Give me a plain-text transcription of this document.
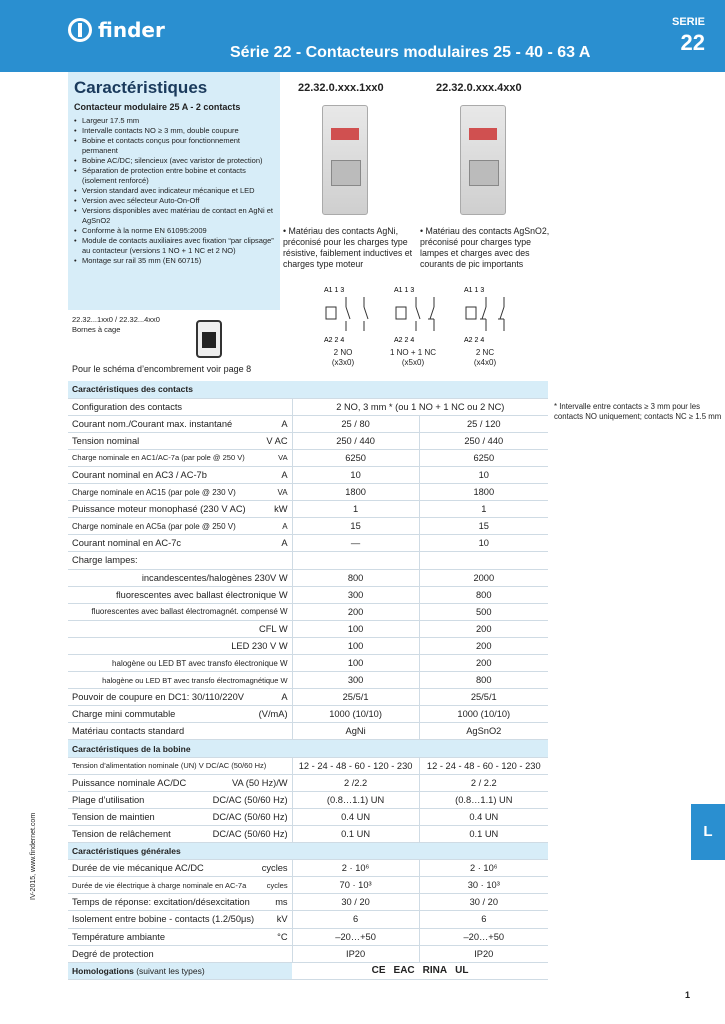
finder	SERIE
22
Série 22 - Contacteurs modulaires 25 - 40 - 63 A
Caractéristiques
Contacteur modulaire 25 A - 2 contacts
• Largeur 17.5 mm
• Intervalle contacts NO ≥ 3 mm, double coupure
• Bobine et contacts conçus pour fonctionnement permanent
• Bobine AC/DC; silencieux (avec varistor de protection)
• Séparation de protection entre bobine et contacts (isolement renforcé)
• Version standard avec indicateur mécanique et LED
• Version avec sélecteur Auto-On-Off
• Versions disponibles avec matériau de contact en AgNi et AgSnO2
• Conforme à la norme EN 61095:2009
• Module de contacts auxiliaires avec fixation “par clipsage” au contacteur (versions 1 NO + 1 NC et 2 NO)
• Montage sur rail 35 mm (EN 60715)
22.32...1xx0 / 22.32...4xx0
Bornes à cage
Pour le schéma d’encombrement voir page 8
22.32.0.xxx.1xx0	22.32.0.xxx.4xx0
• Matériau des contacts AgNi, préconisé pour les charges type résistive, faiblement inductives et charges type moteur
• Matériau des contacts AgSnO2, préconisé pour charges type lampes et charges avec des courants de pic importants
A1 1 3
A2 2 4
A1 1 3
A2 2 4
A1 1 3
A2 2 4
2 NO
(x3x0)
1 NO + 1 NC
(x5x0)
2 NC
(x4x0)
Caractéristiques des contacts		
Configuration des contacts	2 NO, 3 mm * (ou 1 NO + 1 NC ou 2 NC)	
Courant nom./Courant max. instantané A	25 / 80	25 / 120
Tension nominal V AC	250 / 440	250 / 440
Charge nominale en AC1/AC-7a (par pole @ 250 V) VA	6250	6250
Courant nominal en AC3 / AC-7b A	10	10
Charge nominale en AC15 (par pole @ 230 V) VA	1800	1800
Puissance moteur monophasé (230 V AC) kW	1	1
Charge nominale en AC5a (par pole @ 250 V) A	15	15
Courant nominal en AC-7c A	—	10
Charge lampes:		
incandescentes/halogènes 230V W	800	2000
fluorescentes avec ballast électronique W	300	800
fluorescentes avec ballast électromagnét. compensé W	200	500
CFL W	100	200
LED 230 V W	100	200
halogène ou LED BT avec transfo électronique W	100	200
halogène ou LED BT avec transfo électromagnétique W	300	800
Pouvoir de coupure en DC1: 30/110/220V A	25/5/1	25/5/1
Charge mini commutable (V/mA)	1000 (10/10)	1000 (10/10)
Matériau contacts standard	AgNi	AgSnO2
Caractéristiques de la bobine		
Tension d’alimentation nominale (UN) V DC/AC (50/60 Hz)	12 - 24 - 48 - 60 - 120 - 230	12 - 24 - 48 - 60 - 120 - 230
Puissance nominale AC/DC VA (50 Hz)/W	2 /2.2	2 / 2.2
Plage d’utilisation DC/AC (50/60 Hz)	(0.8…1.1) UN	(0.8…1.1) UN
Tension de maintien DC/AC (50/60 Hz)	0.4 UN	0.4 UN
Tension de relâchement DC/AC (50/60 Hz)	0.1 UN	0.1 UN
Caractéristiques générales		
Durée de vie mécanique AC/DC cycles	2 · 10⁶	2 · 10⁶
Durée de vie électrique à charge nominale en AC-7a cycles	70 · 10³	30 · 10³
Temps de réponse: excitation/désexcitation ms	30 / 20	30 / 20
Isolement entre bobine - contacts (1.2/50μs) kV	6	6
Température ambiante °C	–20…+50	–20…+50
Degré de protection	IP20	IP20
Homologations (suivant les types)	CE EAC RINA UL	
* Intervalle entre contacts ≥ 3 mm pour les contacts NO uniquement; contacts NC ≥ 1.5 mm
L
IV-2015, www.findernet.com
1
